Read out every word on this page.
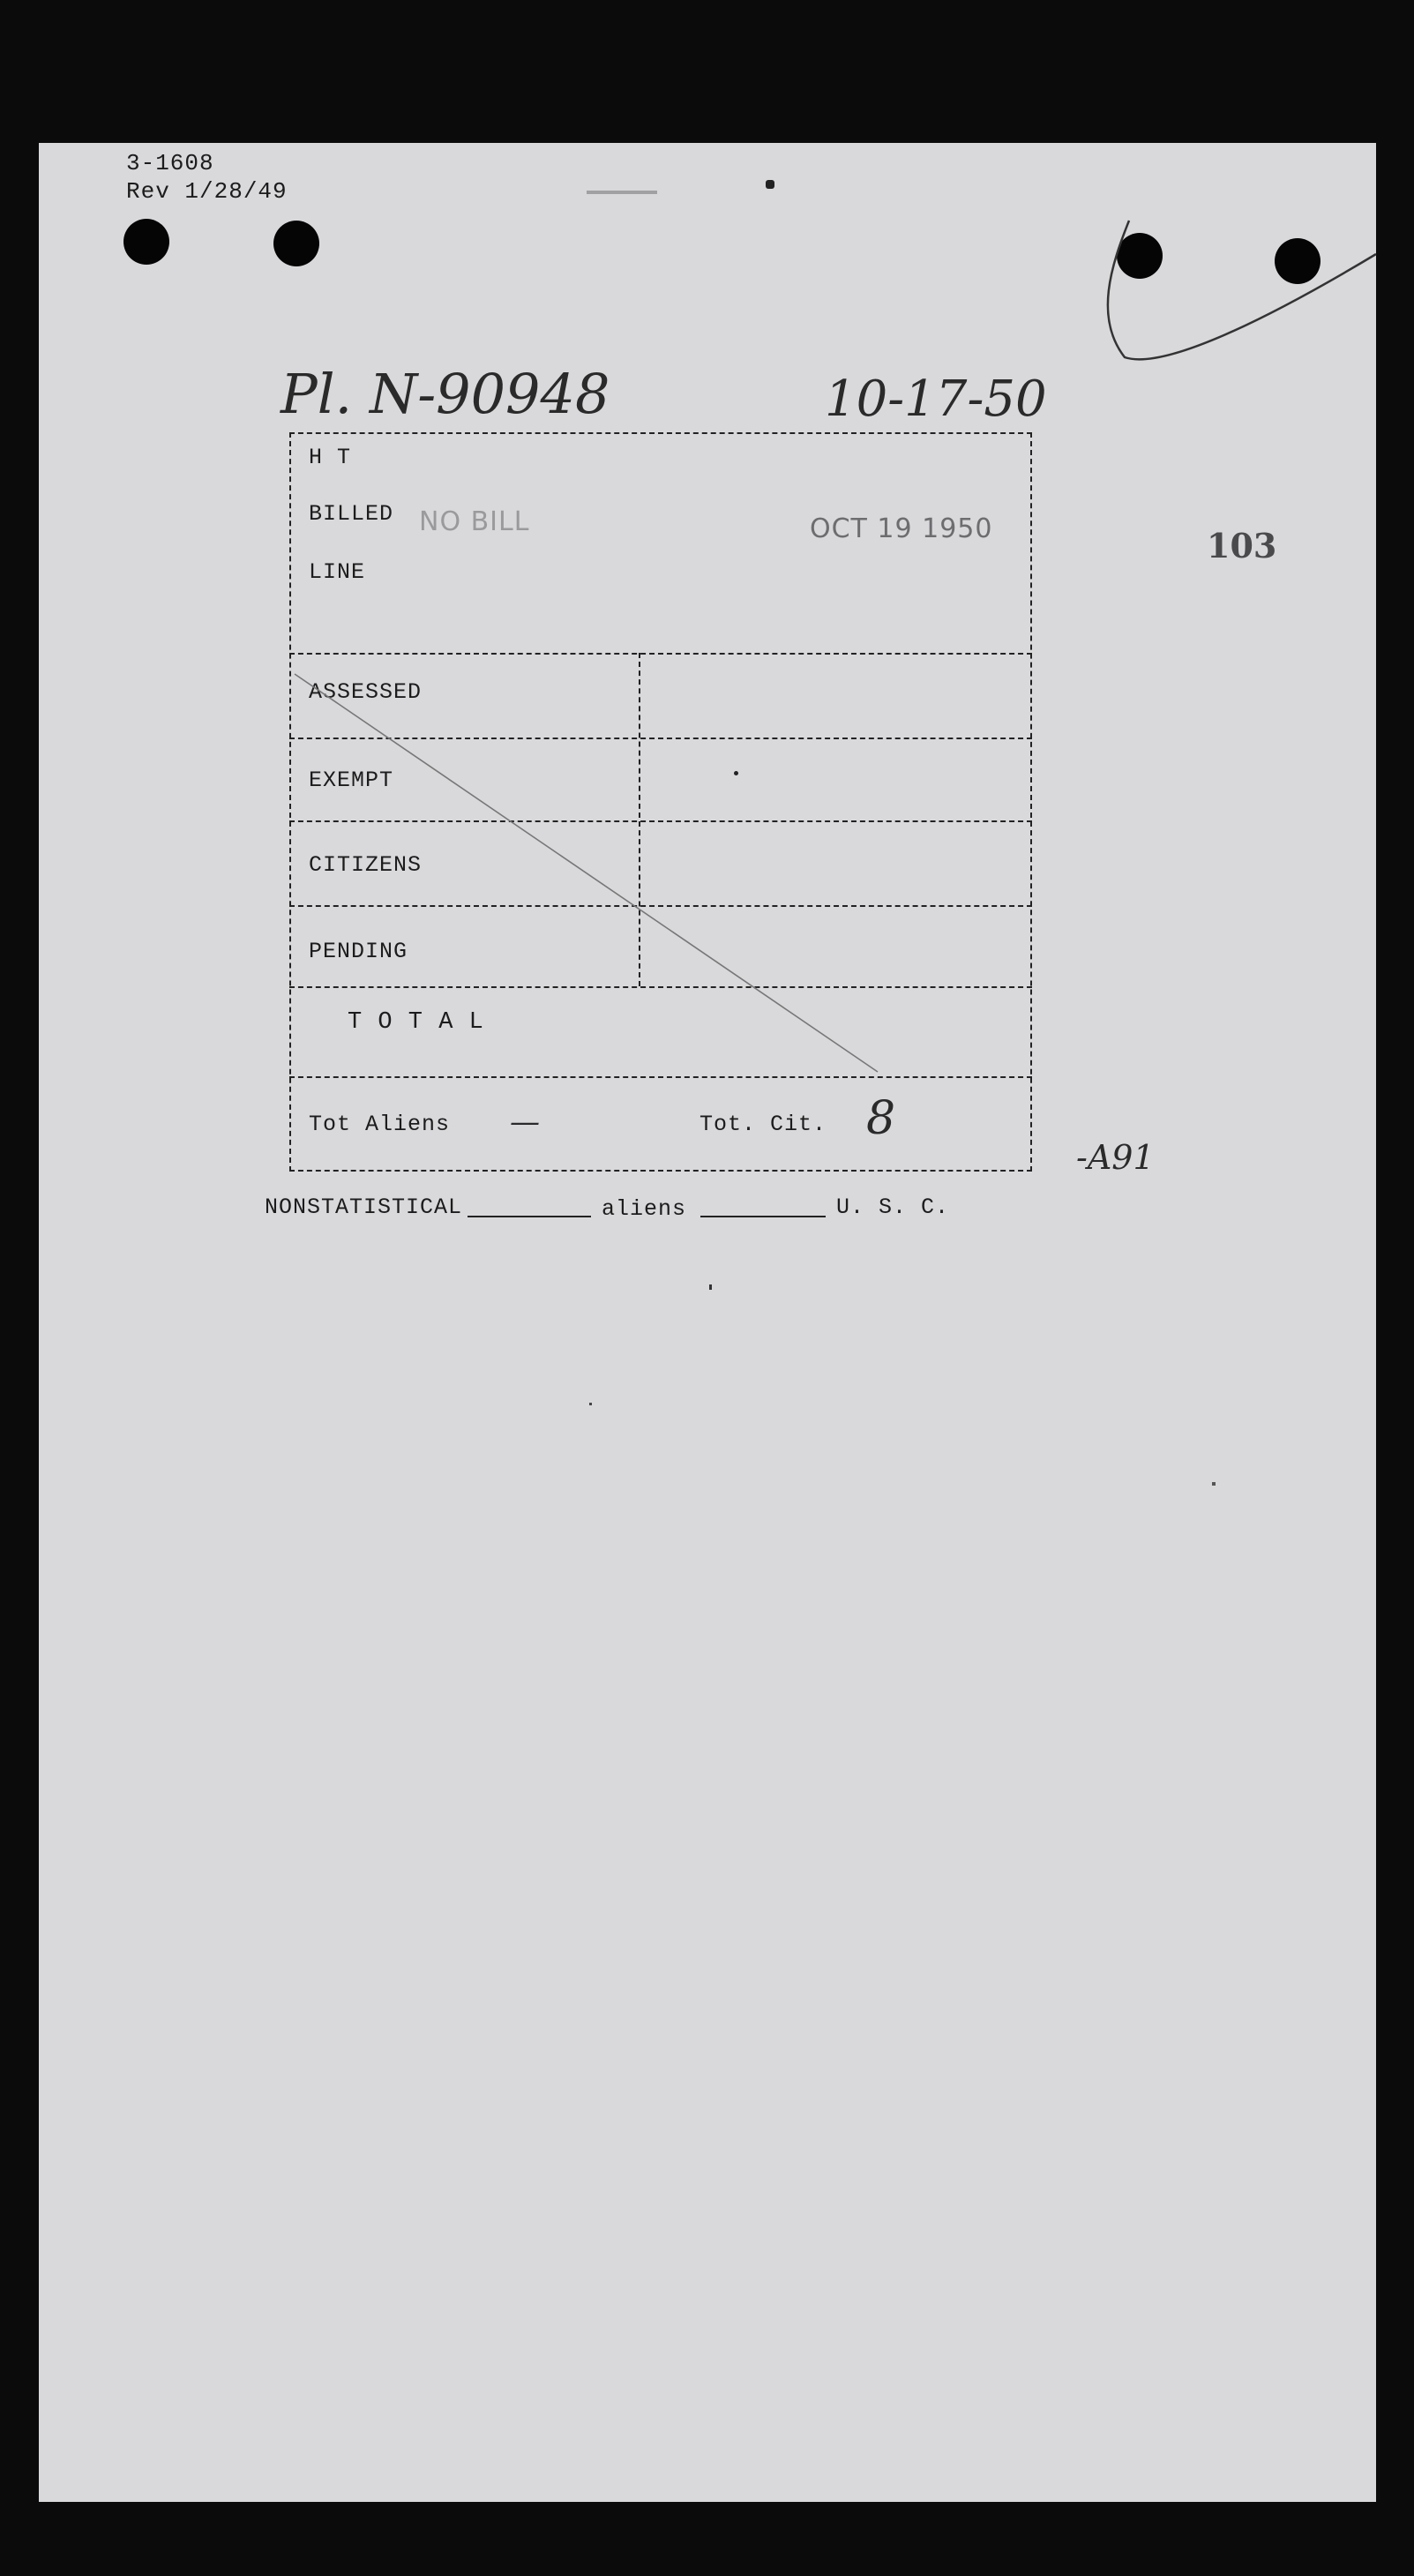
3-1608
Rev 1/28/49
Pl. N-90948	10-17-50
103
H T
BILLED
LINE
NO BILL	OCT 19 1950
ASSESSED
EXEMPT
CITIZENS
PENDING
T O T A L
Tot Aliens —	Tot. Cit. 8
-A91
NONSTATISTICAL	aliens	U. S. C.
